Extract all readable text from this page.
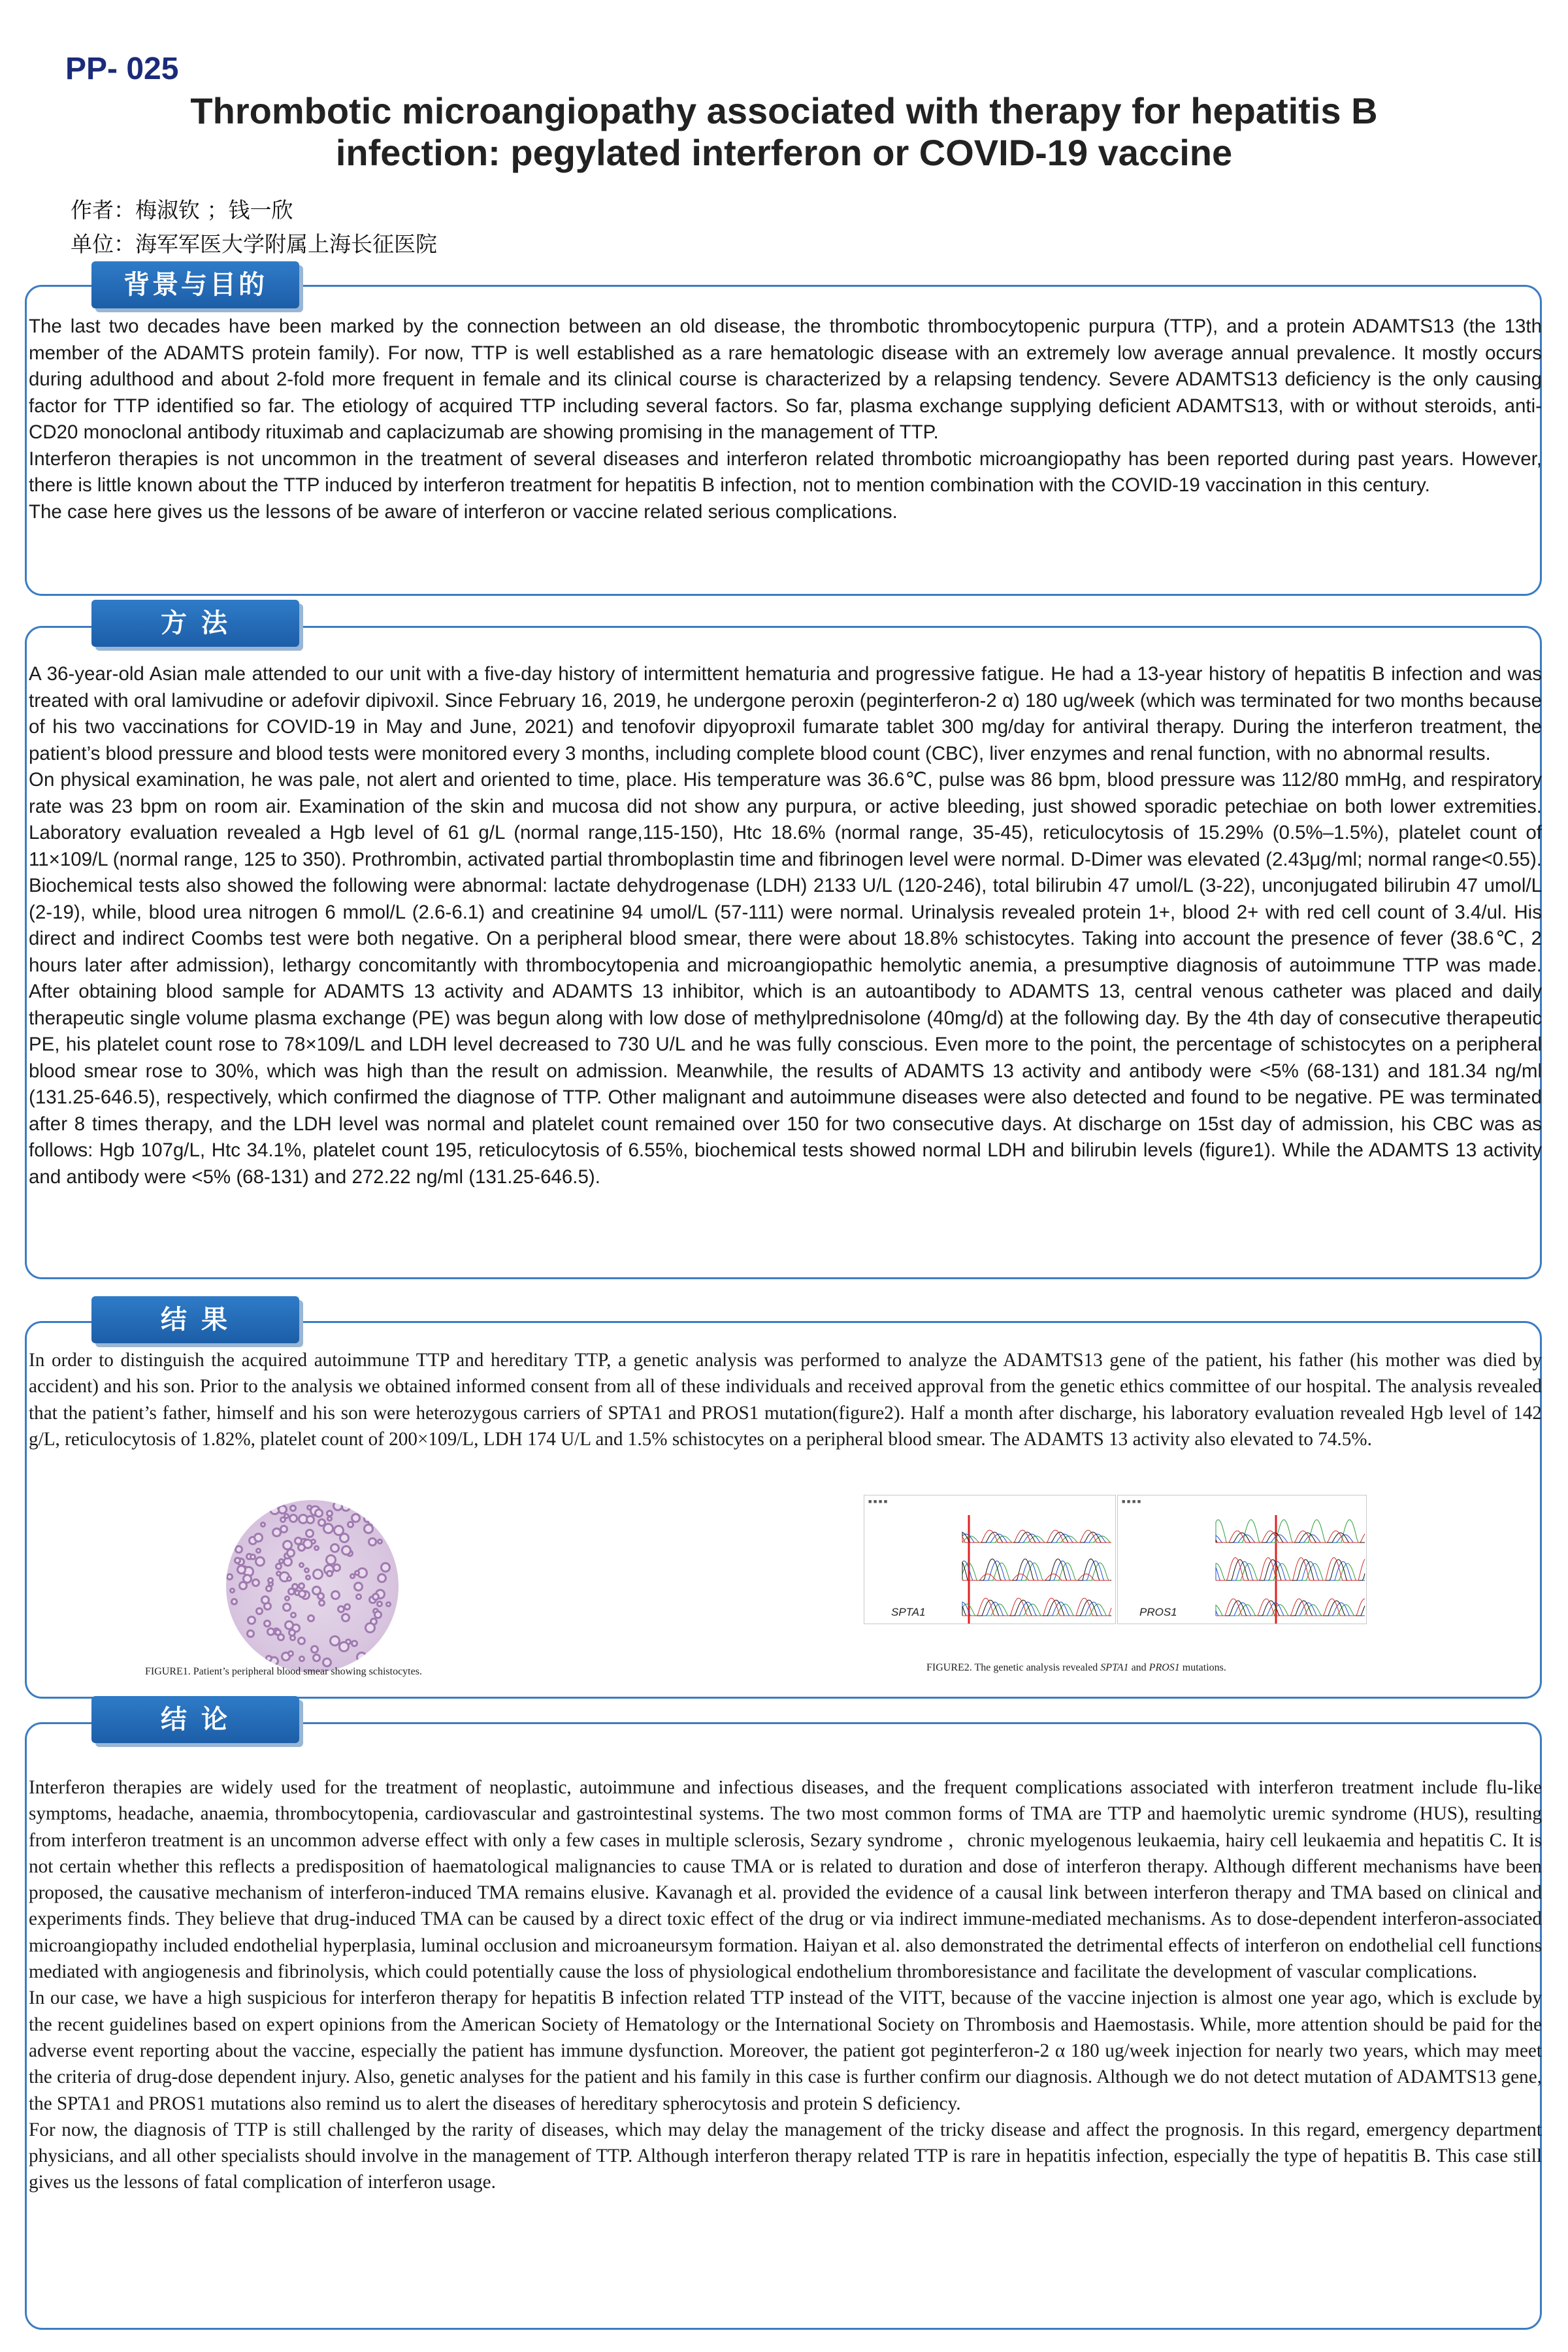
PP- 025
Thrombotic microangiopathy associated with therapy for hepatitis B
infection: pegylated interferon or COVID-19 vaccine
作者：梅淑钦 ；钱一欣
单位：海军军医大学附属上海长征医院
背景与目的

The last two decades have been marked by the connection between an old disease, the thrombotic thrombocytopenic purpura (TTP), and a protein ADAMTS13 (the 13th member of the ADAMTS protein family). For now, TTP is well established as a rare hematologic disease with an extremely low average annual prevalence. It mostly occurs during adulthood and about 2-fold more frequent in female and its clinical course is characterized by a relapsing tendency. Severe ADAMTS13 deficiency is the only causing factor for TTP identified so far. The etiology of acquired TTP including several factors. So far, plasma exchange supplying deficient ADAMTS13, with or without steroids, anti-CD20 monoclonal antibody rituximab and caplacizumab are showing promising in the management of TTP.

Interferon therapies is not uncommon in the treatment of several diseases and interferon related thrombotic microangiopathy has been reported during past years. However, there is little known about the TTP induced by interferon treatment for hepatitis B infection, not to mention combination with the COVID-19 vaccination in this century.

The case here gives us the lessons of be aware of interferon or vaccine related serious complications.

方 法

A 36-year-old Asian male attended to our unit with a five-day history of intermittent hematuria and progressive fatigue. He had a 13-year history of hepatitis B infection and was treated with oral lamivudine or adefovir dipivoxil. Since February 16, 2019, he undergone peroxin (peginterferon-2 α) 180 ug/week (which was terminated for two months because of his two vaccinations for COVID-19 in May and June, 2021) and tenofovir dipyoproxil fumarate tablet 300 mg/day for antiviral therapy. During the interferon treatment, the patient’s blood pressure and blood tests were monitored every 3 months, including complete blood count (CBC), liver enzymes and renal function, with no abnormal results.

On physical examination, he was pale, not alert and oriented to time, place. His temperature was 36.6℃, pulse was 86 bpm, blood pressure was 112/80 mmHg, and respiratory rate was 23 bpm on room air. Examination of the skin and mucosa did not show any purpura, or active bleeding, just showed sporadic petechiae on both lower extremities. Laboratory evaluation revealed a Hgb level of 61 g/L (normal range,115-150), Htc 18.6% (normal range, 35-45), reticulocytosis of 15.29% (0.5%–1.5%), platelet count of 11×109/L (normal range, 125 to 350). Prothrombin, activated partial thromboplastin time and fibrinogen level were normal. D-Dimer was elevated (2.43μg/ml; normal range<0.55). Biochemical tests also showed the following were abnormal: lactate dehydrogenase (LDH) 2133 U/L (120-246), total bilirubin 47 umol/L (3-22), unconjugated bilirubin 47 umol/L (2-19), while, blood urea nitrogen 6 mmol/L (2.6-6.1) and creatinine 94 umol/L (57-111) were normal. Urinalysis revealed protein 1+, blood 2+ with red cell count of 3.4/ul. His direct and indirect Coombs test were both negative. On a peripheral blood smear, there were about 18.8% schistocytes. Taking into account the presence of fever (38.6℃, 2 hours later after admission), lethargy concomitantly with thrombocytopenia and microangiopathic hemolytic anemia, a presumptive diagnosis of autoimmune TTP was made. After obtaining blood sample for ADAMTS 13 activity and ADAMTS 13 inhibitor, which is an autoantibody to ADAMTS 13, central venous catheter was placed and daily therapeutic single volume plasma exchange (PE) was begun along with low dose of methylprednisolone (40mg/d) at the following day. By the 4th day of consecutive therapeutic PE, his platelet count rose to 78×109/L and LDH level decreased to 730 U/L and he was fully conscious. Even more to the point, the percentage of schistocytes on a peripheral blood smear rose to 30%, which was high than the result on admission. Meanwhile, the results of ADAMTS 13 activity and antibody were <5% (68-131) and 181.34 ng/ml (131.25-646.5), respectively, which confirmed the diagnose of TTP. Other malignant and autoimmune diseases were also detected and found to be negative. PE was terminated after 8 times therapy, and the LDH level was normal and platelet count remained over 150 for two consecutive days. At discharge on 15st day of admission, his CBC was as follows: Hgb 107g/L, Htc 34.1%, platelet count 195, reticulocytosis of 6.55%, biochemical tests showed normal LDH and bilirubin levels (figure1). While the ADAMTS 13 activity and antibody were <5% (68-131) and 272.22 ng/ml (131.25-646.5).

结 果

In order to distinguish the acquired autoimmune TTP and hereditary TTP, a genetic analysis was performed to analyze the ADAMTS13 gene of the patient, his father (his mother was died by accident) and his son. Prior to the analysis we obtained informed consent from all of these individuals and received approval from the genetic ethics committee of our hospital. The analysis revealed that the patient’s father, himself and his son were heterozygous carriers of SPTA1 and PROS1 mutation(figure2). Half a month after discharge, his laboratory evaluation revealed Hgb level of 142 g/L, reticulocytosis of 1.82%, platelet count of 200×109/L, LDH 174 U/L and 1.5% schistocytes on a peripheral blood smear. The ADAMTS 13 activity also elevated to 74.5%.

FIGURE1. Patient’s peripheral blood smear showing schistocytes.
■ ■ ■ ■	■ ■ ■ ■
SPTA1	PROS1
FIGURE2. The genetic analysis revealed SPTA1 and PROS1 mutations.
结 论

Interferon therapies are widely used for the treatment of neoplastic, autoimmune and infectious diseases, and the frequent complications associated with interferon treatment include flu-like symptoms, headache, anaemia, thrombocytopenia, cardiovascular and gastrointestinal systems. The two most common forms of TMA are TTP and haemolytic uremic syndrome (HUS), resulting from interferon treatment is an uncommon adverse effect with only a few cases in multiple sclerosis, Sezary syndrome ，chronic myelogenous leukaemia, hairy cell leukaemia and hepatitis C. It is not certain whether this reflects a predisposition of haematological malignancies to cause TMA or is related to duration and dose of interferon therapy. Although different mechanisms have been proposed, the causative mechanism of interferon-induced TMA remains elusive. Kavanagh et al. provided the evidence of a causal link between interferon therapy and TMA based on clinical and experiments finds. They believe that drug-induced TMA can be caused by a direct toxic effect of the drug or via indirect immune-mediated mechanisms. As to dose-dependent interferon-associated microangiopathy included endothelial hyperplasia, luminal occlusion and microaneursym formation. Haiyan et al. also demonstrated the detrimental effects of interferon on endothelial cell functions mediated with angiogenesis and fibrinolysis, which could potentially cause the loss of physiological endothelium thromboresistance and facilitate the development of vascular complications.

In our case, we have a high suspicious for interferon therapy for hepatitis B infection related TTP instead of the VITT, because of the vaccine injection is almost one year ago, which is exclude by the recent guidelines based on expert opinions from the American Society of Hematology or the International Society on Thrombosis and Haemostasis. While, more attention should be paid for the adverse event reporting about the vaccine, especially the patient has immune dysfunction. Moreover, the patient got peginterferon-2 α 180 ug/week injection for nearly two years, which may meet the criteria of drug-dose dependent injury. Also, genetic analyses for the patient and his family in this case is further confirm our diagnosis. Although we do not detect mutation of ADAMTS13 gene, the SPTA1 and PROS1 mutations also remind us to alert the diseases of hereditary spherocytosis and protein S deficiency.

For now, the diagnosis of TTP is still challenged by the rarity of diseases, which may delay the management of the tricky disease and affect the prognosis. In this regard, emergency department physicians, and all other specialists should involve in the management of TTP. Although interferon therapy related TTP is rare in hepatitis infection, especially the type of hepatitis B. This case still gives us the lessons of fatal complication of interferon usage.
